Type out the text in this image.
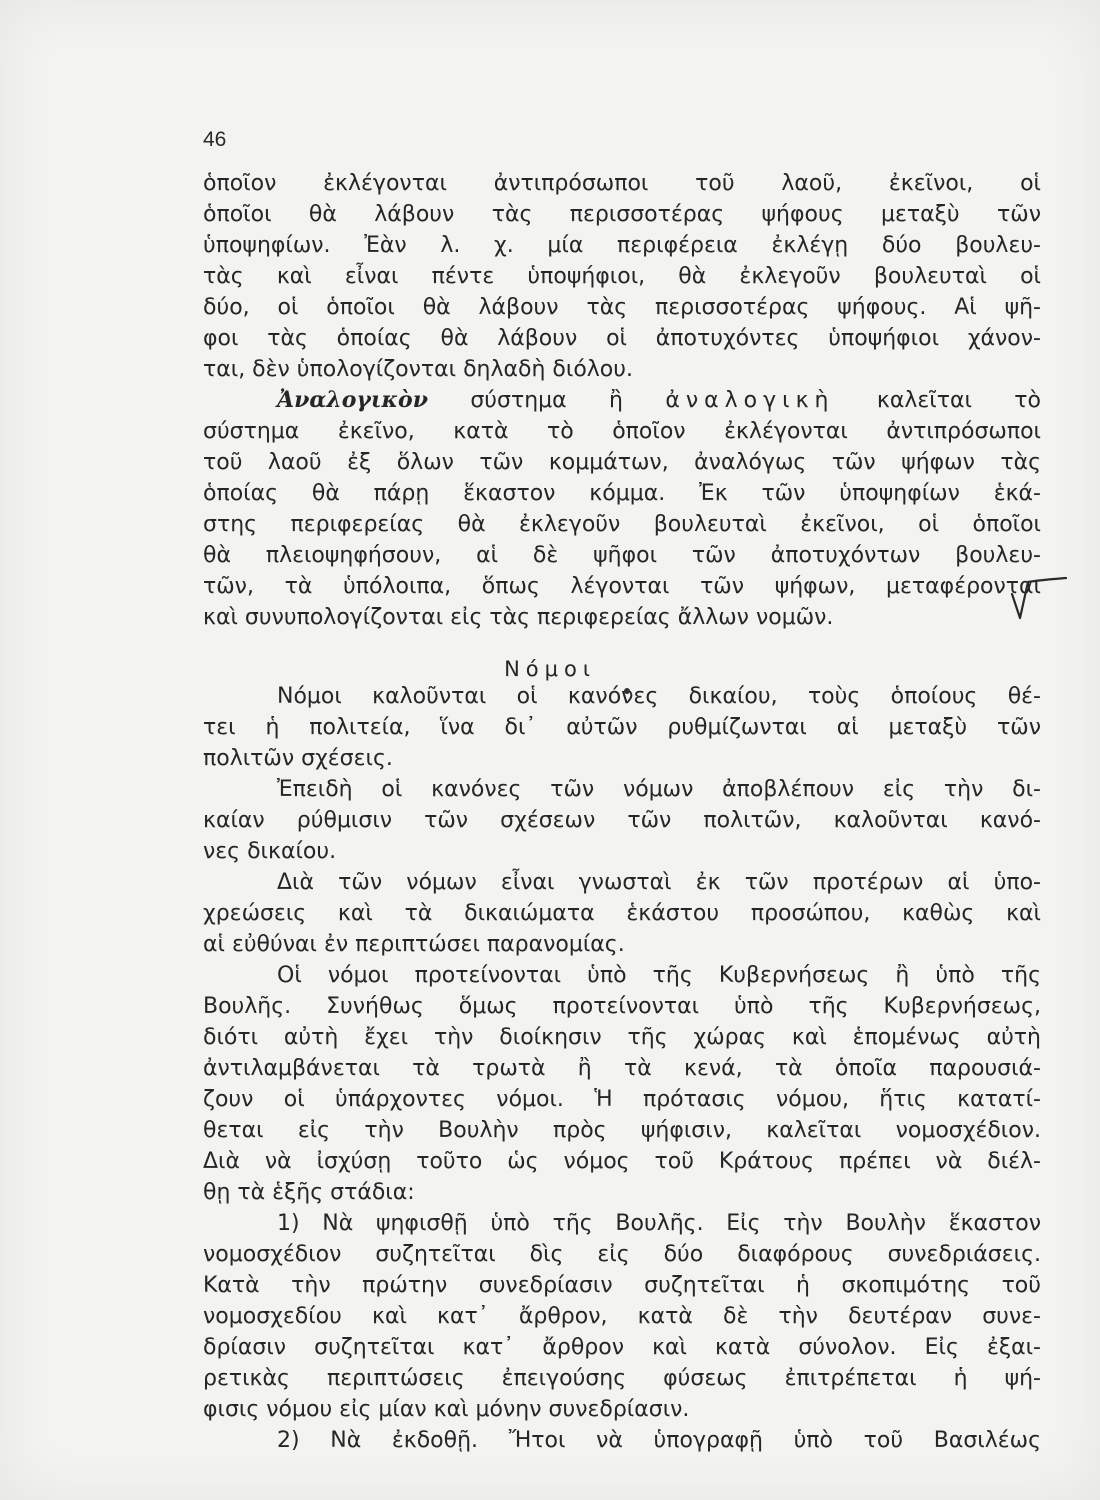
46
ὁποῖον ἐκλέγονται ἀντιπρόσωποι τοῦ λαοῦ, ἐκεῖνοι, οἱ
ὁποῖοι θὰ λάβουν τὰς περισσοτέρας ψήφους μεταξὺ τῶν
ὑποψηφίων. Ἐὰν λ. χ. μία περιφέρεια ἐκλέγῃ δύο βουλευ-
τὰς καὶ εἶναι πέντε ὑποψήφιοι, θὰ ἐκλεγοῦν βουλευταὶ οἱ
δύο, οἱ ὁποῖοι θὰ λάβουν τὰς περισσοτέρας ψήφους. Αἱ ψῆ-
φοι τὰς ὁποίας θὰ λάβουν οἱ ἀποτυχόντες ὑποψήφιοι χάνον-
ται, δὲν ὑπολογίζονται δηλαδὴ διόλου.
Ἀναλογικὸν σύστημα ἢ ἀναλογικὴ καλεῖται τὸ
σύστημα ἐκεῖνο, κατὰ τὸ ὁποῖον ἐκλέγονται ἀντιπρόσωποι
τοῦ λαοῦ ἐξ ὅλων τῶν κομμάτων, ἀναλόγως τῶν ψήφων τὰς
ὁποίας θὰ πάρῃ ἕκαστον κόμμα. Ἐκ τῶν ὑποψηφίων ἑκά-
στης περιφερείας θὰ ἐκλεγοῦν βουλευταὶ ἐκεῖνοι, οἱ ὁποῖοι
θὰ πλειοψηφήσουν, αἱ δὲ ψῆφοι τῶν ἀποτυχόντων βουλευ-
τῶν, τὰ ὑπόλοιπα, ὅπως λέγονται τῶν ψήφων, μεταφέρονται
καὶ συνυπολογίζονται εἰς τὰς περιφερείας ἄλλων νομῶν.
Νόμοι
Νόμοι καλοῦνται οἱ κανόνες δικαίου, τοὺς ὁποίους θέ-
τει ἡ πολιτεία, ἵνα δι᾿ αὐτῶν ρυθμίζωνται αἱ μεταξὺ τῶν
πολιτῶν σχέσεις.
Ἐπειδὴ οἱ κανόνες τῶν νόμων ἀποβλέπουν εἰς τὴν δι-
καίαν ρύθμισιν τῶν σχέσεων τῶν πολιτῶν, καλοῦνται κανό-
νες δικαίου.
Διὰ τῶν νόμων εἶναι γνωσταὶ ἐκ τῶν προτέρων αἱ ὑπο-
χρεώσεις καὶ τὰ δικαιώματα ἑκάστου προσώπου, καθὼς καὶ
αἱ εὐθύναι ἐν περιπτώσει παρανομίας.
Οἱ νόμοι προτείνονται ὑπὸ τῆς Κυβερνήσεως ἢ ὑπὸ τῆς
Βουλῆς. Συνήθως ὅμως προτείνονται ὑπὸ τῆς Κυβερνήσεως,
διότι αὐτὴ ἔχει τὴν διοίκησιν τῆς χώρας καὶ ἑπομένως αὐτὴ
ἀντιλαμβάνεται τὰ τρωτὰ ἢ τὰ κενά, τὰ ὁποῖα παρουσιά-
ζουν οἱ ὑπάρχοντες νόμοι. Ἡ πρότασις νόμου, ἥτις κατατί-
θεται εἰς τὴν Βουλὴν πρὸς ψήφισιν, καλεῖται νομοσχέδιον.
Διὰ νὰ ἰσχύσῃ τοῦτο ὡς νόμος τοῦ Κράτους πρέπει νὰ διέλ-
θῃ τὰ ἑξῆς στάδια:
1) Νὰ ψηφισθῇ ὑπὸ τῆς Βουλῆς. Εἰς τὴν Βουλὴν ἕκαστον
νομοσχέδιον συζητεῖται δὶς εἰς δύο διαφόρους συνεδριάσεις.
Κατὰ τὴν πρώτην συνεδρίασιν συζητεῖται ἡ σκοπιμότης τοῦ
νομοσχεδίου καὶ κατ᾿ ἄρθρον, κατὰ δὲ τὴν δευτέραν συνε-
δρίασιν συζητεῖται κατ᾿ ἄρθρον καὶ κατὰ σύνολον. Εἰς ἐξαι-
ρετικὰς περιπτώσεις ἐπειγούσης φύσεως ἐπιτρέπεται ἡ ψή-
φισις νόμου εἰς μίαν καὶ μόνην συνεδρίασιν.
2) Νὰ ἐκδοθῇ. Ἤτοι νὰ ὑπογραφῇ ὑπὸ τοῦ Βασιλέως
